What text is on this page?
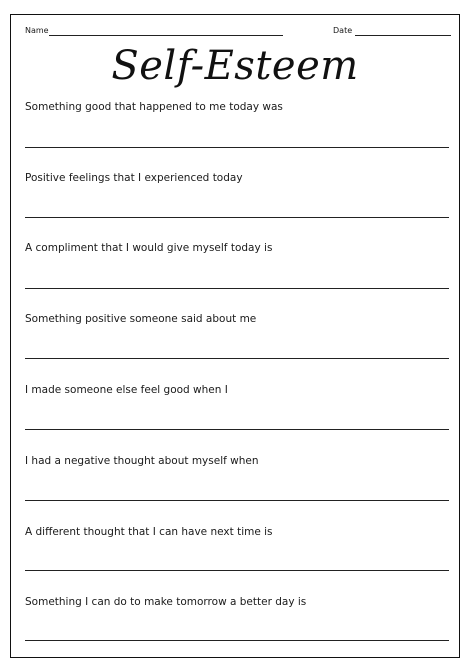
Name	Date
Self-Esteem
Something good that happened to me today was
Positive feelings that I experienced today
A compliment that I would give myself today is
Something positive someone said about me
I made someone else feel good when I
I had a negative thought about myself when
A different thought that I can have next time is
Something I can do to make tomorrow a better day is
